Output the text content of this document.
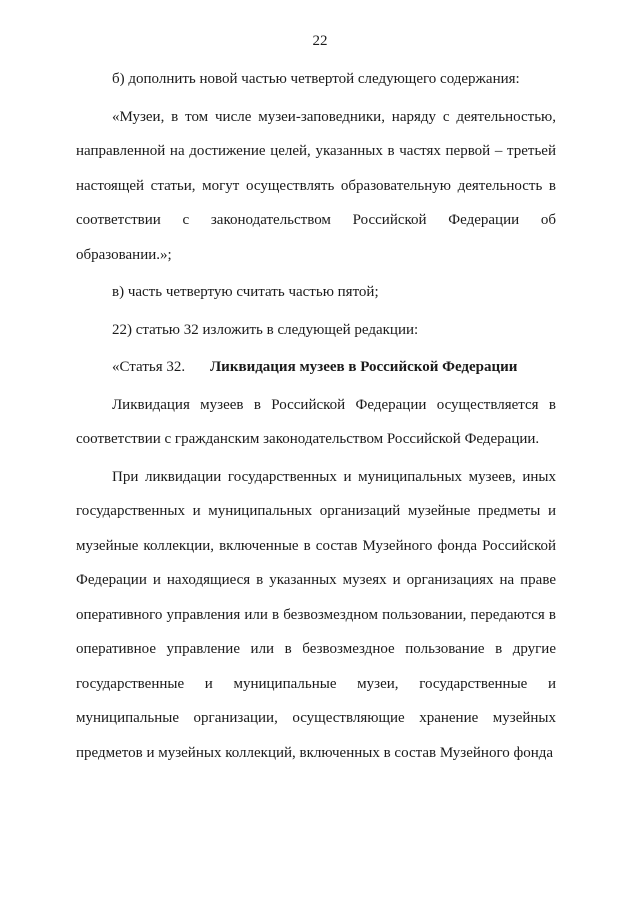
22

б) дополнить новой частью четвертой следующего содержания:

«Музеи, в том числе музеи-заповедники, наряду с деятельностью, направленной на достижение целей, указанных в частях первой – третьей настоящей статьи, могут осуществлять образовательную деятельность в соответствии с законодательством Российской Федерации об образовании.»;

в) часть четвертую считать частью пятой;

22) статью 32 изложить в следующей редакции:

«Статья 32. Ликвидация музеев в Российской Федерации

Ликвидация музеев в Российской Федерации осуществляется в соответствии с гражданским законодательством Российской Федерации.

При ликвидации государственных и муниципальных музеев, иных государственных и муниципальных организаций музейные предметы и музейные коллекции, включенные в состав Музейного фонда Российской Федерации и находящиеся в указанных музеях и организациях на праве оперативного управления или в безвозмездном пользовании, передаются в оперативное управление или в безвозмездное пользование в другие государственные и муниципальные музеи, государственные и муниципальные организации, осуществляющие хранение музейных предметов и музейных коллекций, включенных в состав Музейного фонда
